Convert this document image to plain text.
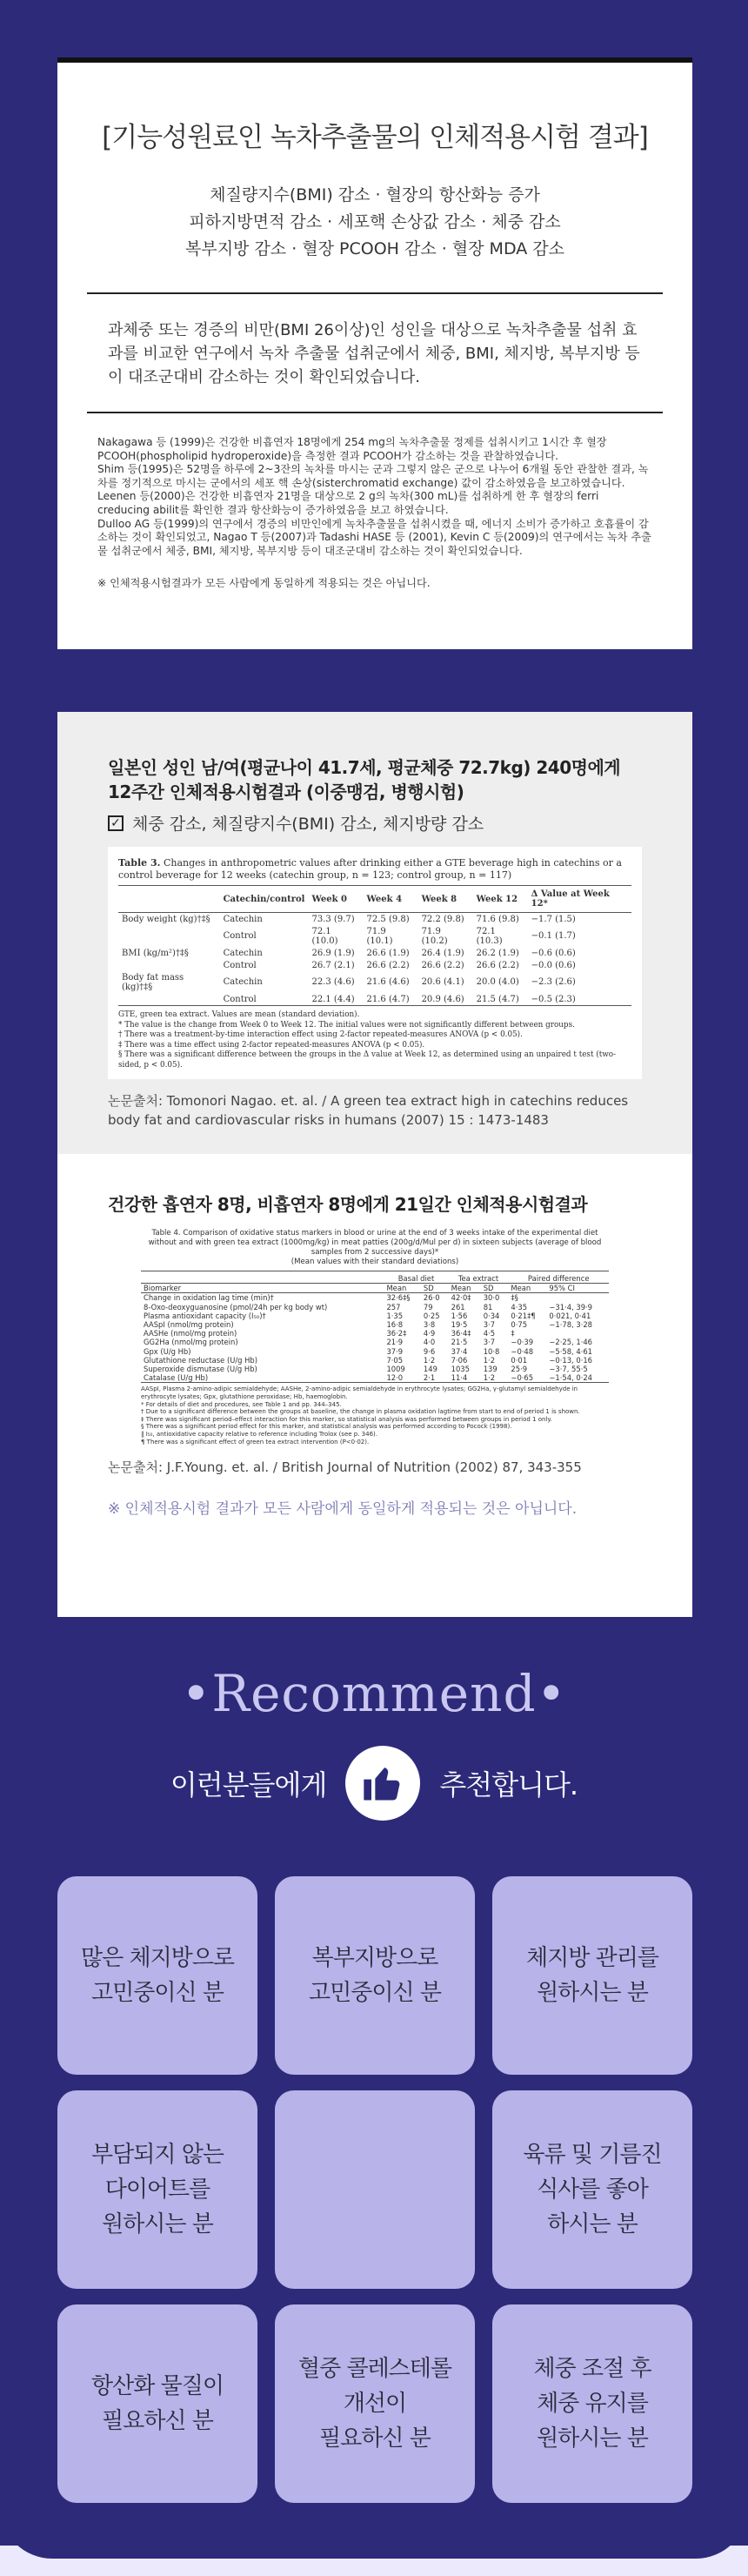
[기능성원료인 녹차추출물의 인체적용시험 결과]
체질량지수(BMI) 감소 · 혈장의 항산화능 증가
피하지방면적 감소 · 세포핵 손상값 감소 · 체중 감소
복부지방 감소 · 혈장 PCOOH 감소 · 혈장 MDA 감소
과체중 또는 경증의 비만(BMI 26이상)인 성인을 대상으로 녹차추출물 섭취 효과를 비교한 연구에서 녹차 추출물 섭취군에서 체중, BMI, 체지방, 복부지방 등이 대조군대비 감소하는 것이 확인되었습니다.

Nakagawa 등 (1999)은 건강한 비흡연자 18명에게 254 mg의 녹차추출물 정제를 섭취시키고 1시간 후 혈장 PCOOH(phospholipid hydroperoxide)을 측정한 결과 PCOOH가 감소하는 것을 관찰하였습니다.

Shim 등(1995)은 52명을 하루에 2~3잔의 녹차를 마시는 군과 그렇지 않은 군으로 나누어 6개월 동안 관찰한 결과, 녹차를 정기적으로 마시는 군에서의 세포 핵 손상(sisterchromatid exchange) 값이 감소하였음을 보고하였습니다.

Leenen 등(2000)은 건강한 비흡연자 21명을 대상으로 2 g의 녹차(300 mL)를 섭취하게 한 후 혈장의 ferri creducing abilit를 확인한 결과 항산화능이 증가하였음을 보고 하였습니다.

Dulloo AG 등(1999)의 연구에서 경증의 비만인에게 녹차추출물을 섭취시켰을 때, 에너지 소비가 증가하고 호흡률이 감소하는 것이 확인되었고, Nagao T 등(2007)과 Tadashi HASE 등 (2001), Kevin C 등(2009)의 연구에서는 녹차 추출물 섭취군에서 체중, BMI, 체지방, 복부지방 등이 대조군대비 감소하는 것이 확인되었습니다.

※ 인체적용시험결과가 모든 사람에게 동일하게 적용되는 것은 아닙니다.
일본인 성인 남/여(평균나이 41.7세, 평균체중 72.7kg) 240명에게
12주간 인체적용시험결과 (이중맹검, 병행시험)
✓ 체중 감소, 체질량지수(BMI) 감소, 체지방량 감소
Table 3. Changes in anthropometric values after drinking either a GTE beverage high in catechins or a control beverage for 12 weeks (catechin group, n = 123; control group, n = 117)
	Catechin/control	Week 0	Week 4	Week 8	Week 12	Δ Value at Week 12*
Body weight (kg)†‡§	Catechin	73.3 (9.7)	72.5 (9.8)	72.2 (9.8)	71.6 (9.8)	−1.7 (1.5)
	Control	72.1 (10.0)	71.9 (10.1)	71.9 (10.2)	72.1 (10.3)	−0.1 (1.7)
BMI (kg/m²)†‡§	Catechin	26.9 (1.9)	26.6 (1.9)	26.4 (1.9)	26.2 (1.9)	−0.6 (0.6)
	Control	26.7 (2.1)	26.6 (2.2)	26.6 (2.2)	26.6 (2.2)	−0.0 (0.6)
Body fat mass (kg)†‡§	Catechin	22.3 (4.6)	21.6 (4.6)	20.6 (4.1)	20.0 (4.0)	−2.3 (2.6)
	Control	22.1 (4.4)	21.6 (4.7)	20.9 (4.6)	21.5 (4.7)	−0.5 (2.3)
GTE, green tea extract. Values are mean (standard deviation).
* The value is the change from Week 0 to Week 12. The initial values were not significantly different between groups.
† There was a treatment-by-time interaction effect using 2-factor repeated-measures ANOVA (p < 0.05).
‡ There was a time effect using 2-factor repeated-measures ANOVA (p < 0.05).
§ There was a significant difference between the groups in the Δ value at Week 12, as determined using an unpaired t test (two-sided, p < 0.05).
논문출처: Tomonori Nagao. et. al. / A green tea extract high in catechins reduces body fat and cardiovascular risks in humans (2007) 15 : 1473-1483
건강한 흡연자 8명, 비흡연자 8명에게 21일간 인체적용시험결과
Table 4. Comparison of oxidative status markers in blood or urine at the end of 3 weeks intake of the experimental diet without and with green tea extract (1000mg/kg) in meat patties (200g/d/Mul per d) in sixteen subjects (average of blood samples from 2 successive days)*
(Mean values with their standard deviations)
	Basal diet		Tea extract		Paired difference	
Biomarker	Mean	SD	Mean	SD	Mean	95% CI
Change in oxidation lag time (min)†	32·6‡§	26·0	42·0‡	30·0	‡§	
8-Oxo-deoxyguanosine (pmol/24h per kg body wt)	257	79	261	81	4·35	−31·4, 39·9
Plasma antioxidant capacity (I₅₀)†	1·35	0·25	1·56	0·34	0·21‡¶	0·021, 0·41
AASpI (nmol/mg protein)	16·8	3·8	19·5	3·7	0·75	−1·78, 3·28
AASHe (nmol/mg protein)	36·2‡	4·9	36·4‡	4·5	‡	
GG2Ha (nmol/mg protein)	21·9	4·0	21·5	3·7	−0·39	−2·25, 1·46
Gpx (U/g Hb)	37·9	9·6	37·4	10·8	−0·48	−5·58, 4·61
Glutathione reductase (U/g Hb)	7·05	1·2	7·06	1·2	0·01	−0·13, 0·16
Superoxide dismutase (U/g Hb)	1009	149	1035	139	25·9	−3·7, 55·5
Catalase (U/g Hb)	12·0	2·1	11·4	1·2	−0·65	−1·54, 0·24
AASpI, Plasma 2-amino-adipic semialdehyde; AASHe, 2-amino-adipic semialdehyde in erythrocyte lysates; GG2Ha, γ-glutamyl semialdehyde in erythrocyte lysates; Gpx, glutathione peroxidase; Hb, haemoglobin.
* For details of diet and procedures, see Table 1 and pp. 344–345.
† Due to a significant difference between the groups at baseline, the change in plasma oxidation lagtime from start to end of period 1 is shown.
‡ There was significant period–effect interaction for this marker, so statistical analysis was performed between groups in period 1 only.
§ There was a significant period effect for this marker, and statistical analysis was performed according to Pocock (1998).
‖ I₅₀, antioxidative capacity relative to reference including Trolox (see p. 346).
¶ There was a significant effect of green tea extract intervention (P<0·02).
논문출처: J.F.Young. et. al. / British Journal of Nutrition (2002) 87, 343-355
※ 인체적용시험 결과가 모든 사람에게 동일하게 적용되는 것은 아닙니다.
•Recommend•
이런분들에게	추천합니다.
많은 체지방으로
고민중이신 분
복부지방으로
고민중이신 분
체지방 관리를
원하시는 분
부담되지 않는
다이어트를
원하시는 분
육류 및 기름진
식사를 좋아
하시는 분
항산화 물질이
필요하신 분
혈중 콜레스테롤
개선이
필요하신 분
체중 조절 후
체중 유지를
원하시는 분
